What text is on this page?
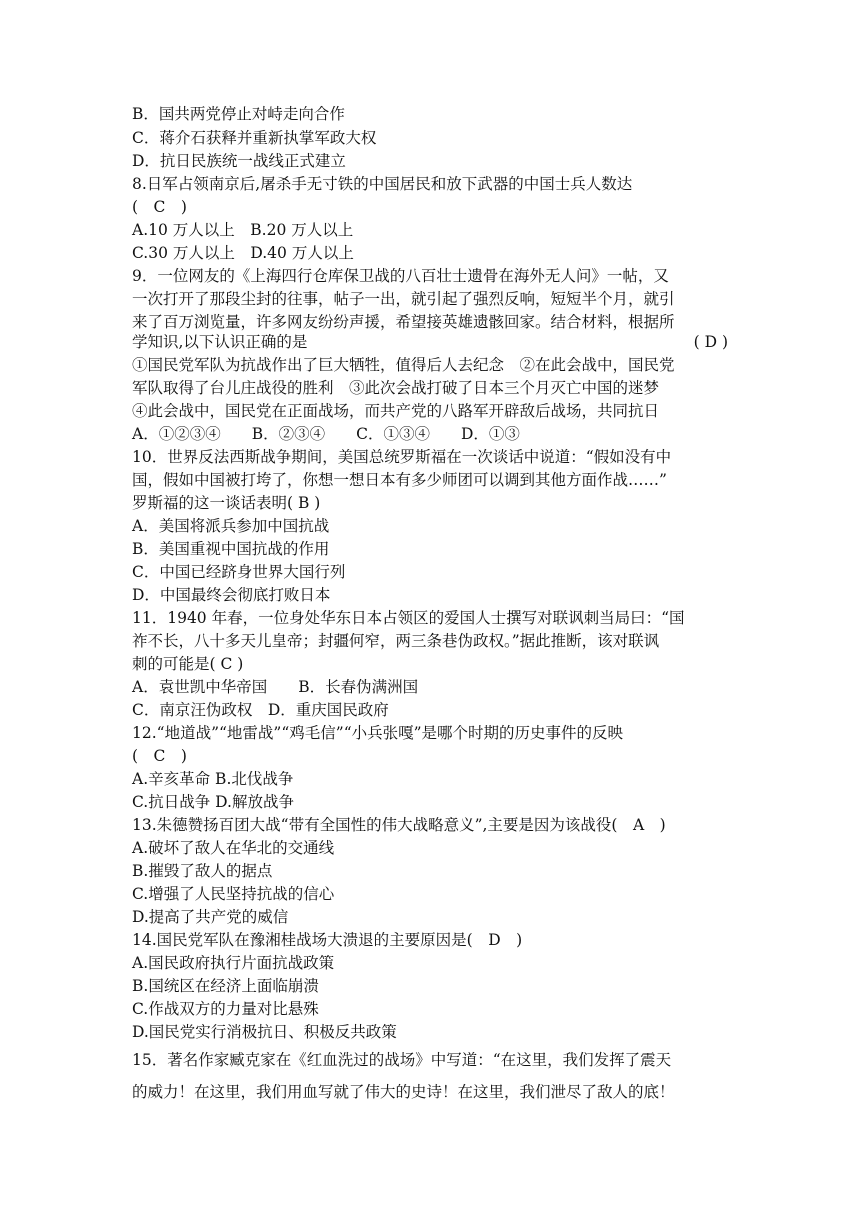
B．国共两党停止对峙走向合作
C．蒋介石获释并重新执掌军政大权
D．抗日民族统一战线正式建立
8.日军占领南京后,屠杀手无寸铁的中国居民和放下武器的中国士兵人数达
(　C　)
A.10 万人以上　B.20 万人以上
C.30 万人以上　D.40 万人以上
9．一位网友的《上海四行仓库保卫战的八百壮士遗骨在海外无人问》一帖，又
一次打开了那段尘封的往事，帖子一出，就引起了强烈反响，短短半个月，就引
来了百万浏览量，许多网友纷纷声援，希望接英雄遗骸回家。结合材料，根据所
学知识,以下认识正确的是	( D )
①国民党军队为抗战作出了巨大牺牲，值得后人去纪念　②在此会战中，国民党
军队取得了台儿庄战役的胜利　③此次会战打破了日本三个月灭亡中国的迷梦
④此会战中，国民党在正面战场，而共产党的八路军开辟敌后战场，共同抗日
A．①②③④　　B．②③④　　C．①③④　　D．①③
10．世界反法西斯战争期间，美国总统罗斯福在一次谈话中说道：“假如没有中
国，假如中国被打垮了，你想一想日本有多少师团可以调到其他方面作战……”
罗斯福的这一谈话表明( B )
A．美国将派兵参加中国抗战
B．美国重视中国抗战的作用
C．中国已经跻身世界大国行列
D．中国最终会彻底打败日本
11．1940 年春，一位身处华东日本占领区的爱国人士撰写对联讽刺当局曰：“国
祚不长，八十多天儿皇帝；封疆何窄，两三条巷伪政权。”据此推断，该对联讽
刺的可能是( C )
A．袁世凯中华帝国　　B．长春伪满洲国
C．南京汪伪政权　D．重庆国民政府
12.“地道战”“地雷战”“鸡毛信”“小兵张嘎”是哪个时期的历史事件的反映
(　C　)
A.辛亥革命 B.北伐战争
C.抗日战争 D.解放战争
13.朱德赞扬百团大战“带有全国性的伟大战略意义”,主要是因为该战役(　A　)
A.破坏了敌人在华北的交通线
B.摧毁了敌人的据点
C.增强了人民坚持抗战的信心
D.提高了共产党的威信
14.国民党军队在豫湘桂战场大溃退的主要原因是(　D　)
A.国民政府执行片面抗战政策
B.国统区在经济上面临崩溃
C.作战双方的力量对比悬殊
D.国民党实行消极抗日、积极反共政策
15．著名作家臧克家在《红血洗过的战场》中写道：“在这里，我们发挥了震天
的威力！在这里，我们用血写就了伟大的史诗！在这里，我们泄尽了敌人的底！
